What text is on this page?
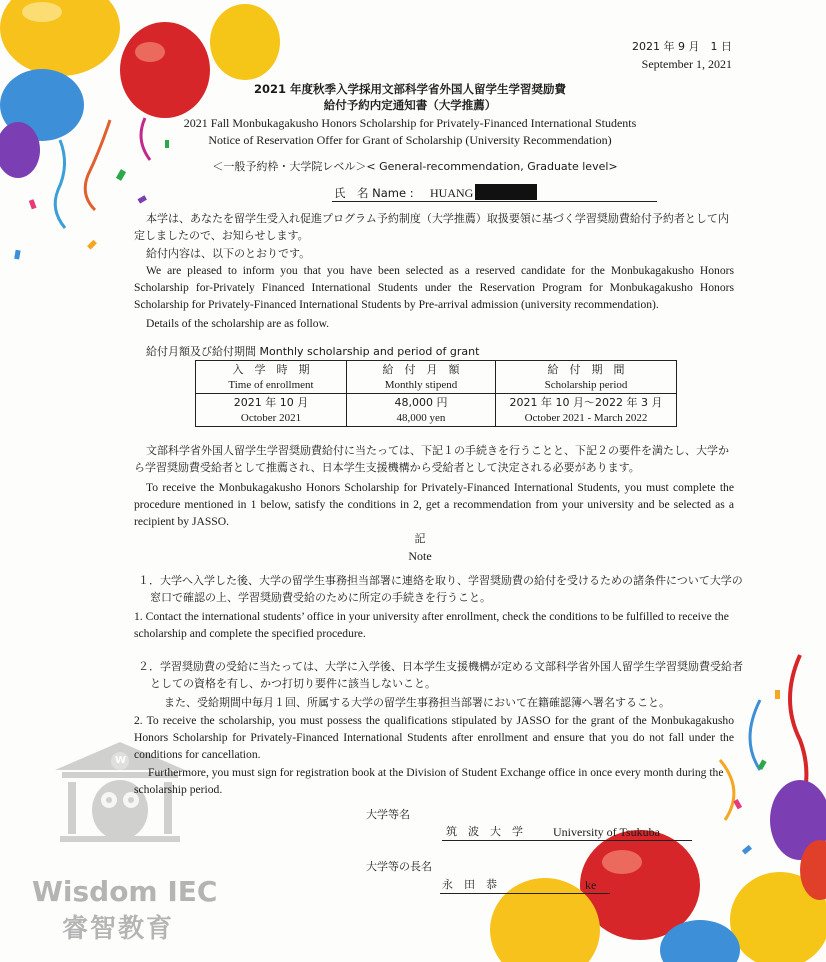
W
Wisdom IEC
睿智教育
2021 年 9 月　1 日
September 1, 2021
2021 年度秋季入学採用文部科学省外国人留学生学習奨励費
給付予約内定通知書（大学推薦）
2021 Fall Monbukagakusho Honors Scholarship for Privately-Financed International Students
Notice of Reservation Offer for Grant of Scholarship (University Recommendation)
＜一般予約枠・大学院レベル＞< General-recommendation, Graduate level>
氏　名 Name : HUANG
本学は、あなたを留学生受入れ促進プログラム予約制度（大学推薦）取扱要領に基づく学習奨励費給付予約者として内定しましたので、お知らせします。
給付内容は、以下のとおりです。
We are pleased to inform you that you have been selected as a reserved candidate for the Monbukagakusho Honors Scholarship for-Privately Financed International Students under the Reservation Program for Monbukagakusho Honors Scholarship for Privately-Financed International Students by Pre-arrival admission (university recommendation).
Details of the scholarship are as follow.
給付月額及び給付期間 Monthly scholarship and period of grant
入　学　時　期	給　付　月　額	給　付　期　間
Time of enrollment	Monthly stipend	Scholarship period
2021 年 10 月	48,000 円	2021 年 10 月～2022 年 3 月
October 2021	48,000 yen	October 2021 - March 2022
文部科学省外国人留学生学習奨励費給付に当たっては、下記１の手続きを行うことと、下記２の要件を満たし、大学から学習奨励費受給者として推薦され、日本学生支援機構から受給者として決定される必要があります。
To receive the Monbukagakusho Honors Scholarship for Privately-Financed International Students, you must complete the procedure mentioned in 1 below, satisfy the conditions in 2, get a recommendation from your university and be selected as a recipient by JASSO.
記
Note
１．大学へ入学した後、大学の留学生事務担当部署に連絡を取り、学習奨励費の給付を受けるための諸条件について大学の窓口で確認の上、学習奨励費受給のために所定の手続きを行うこと。
1. Contact the international students’ office in your university after enrollment, check the conditions to be fulfilled to receive the scholarship and complete the specified procedure.
２．学習奨励費の受給に当たっては、大学に入学後、日本学生支援機構が定める文部科学省外国人留学生学習奨励費受給者としての資格を有し、かつ打切り要件に該当しないこと。
また、受給期間中毎月１回、所属する大学の留学生事務担当部署において在籍確認簿へ署名すること。
2. To receive the scholarship, you must possess the qualifications stipulated by JASSO for the grant of the Monbukagakusho Honors Scholarship for Privately-Financed International Students after enrollment and ensure that you do not fall under the conditions for cancellation.
Furthermore, you must sign for registration book at the Division of Student Exchange office in once every month during the scholarship period.
大学等名
筑　波　大　学	University of Tsukuba
大学等の長名
永　田　恭	ke
